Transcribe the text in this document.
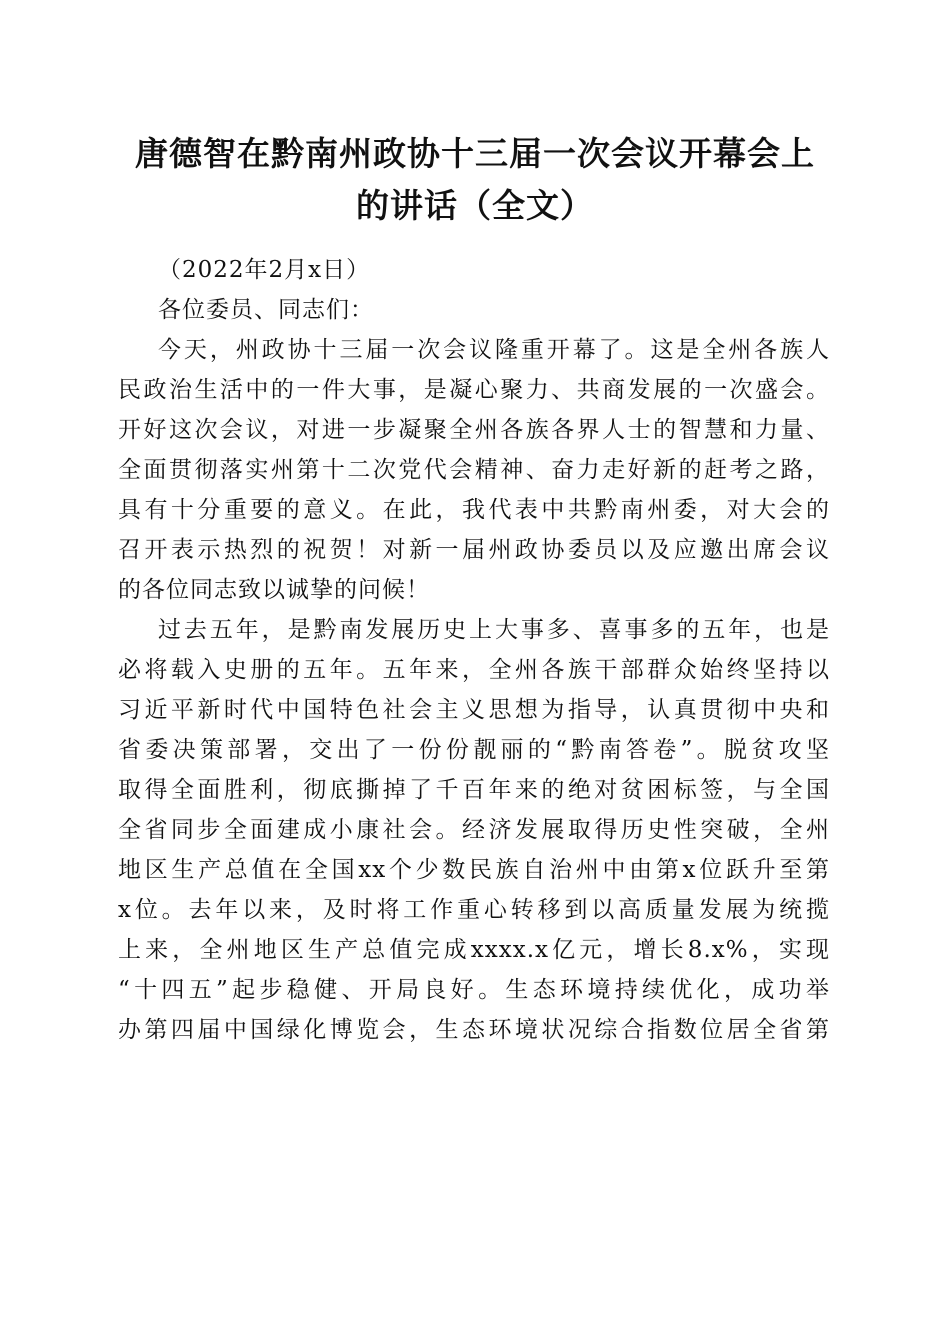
唐德智在黔南州政协十三届一次会议开幕会上
的讲话（全文）
（2022年2月x日）
各位委员、同志们：
今天，州政协十三届一次会议隆重开幕了。这是全州各族人
民政治生活中的一件大事，是凝心聚力、共商发展的一次盛会。
开好这次会议，对进一步凝聚全州各族各界人士的智慧和力量、
全面贯彻落实州第十二次党代会精神、奋力走好新的赶考之路，
具有十分重要的意义。在此，我代表中共黔南州委，对大会的
召开表示热烈的祝贺！对新一届州政协委员以及应邀出席会议
的各位同志致以诚挚的问候！
过去五年，是黔南发展历史上大事多、喜事多的五年，也是
必将载入史册的五年。五年来，全州各族干部群众始终坚持以
习近平新时代中国特色社会主义思想为指导，认真贯彻中央和
省委决策部署，交出了一份份靓丽的“黔南答卷”。脱贫攻坚
取得全面胜利，彻底撕掉了千百年来的绝对贫困标签，与全国
全省同步全面建成小康社会。经济发展取得历史性突破，全州
地区生产总值在全国xx个少数民族自治州中由第x位跃升至第
x位。去年以来，及时将工作重心转移到以高质量发展为统揽
上来，全州地区生产总值完成xxxx.x亿元，增长8.x%，实现
“十四五”起步稳健、开局良好。生态环境持续优化，成功举
办第四届中国绿化博览会，生态环境状况综合指数位居全省第
